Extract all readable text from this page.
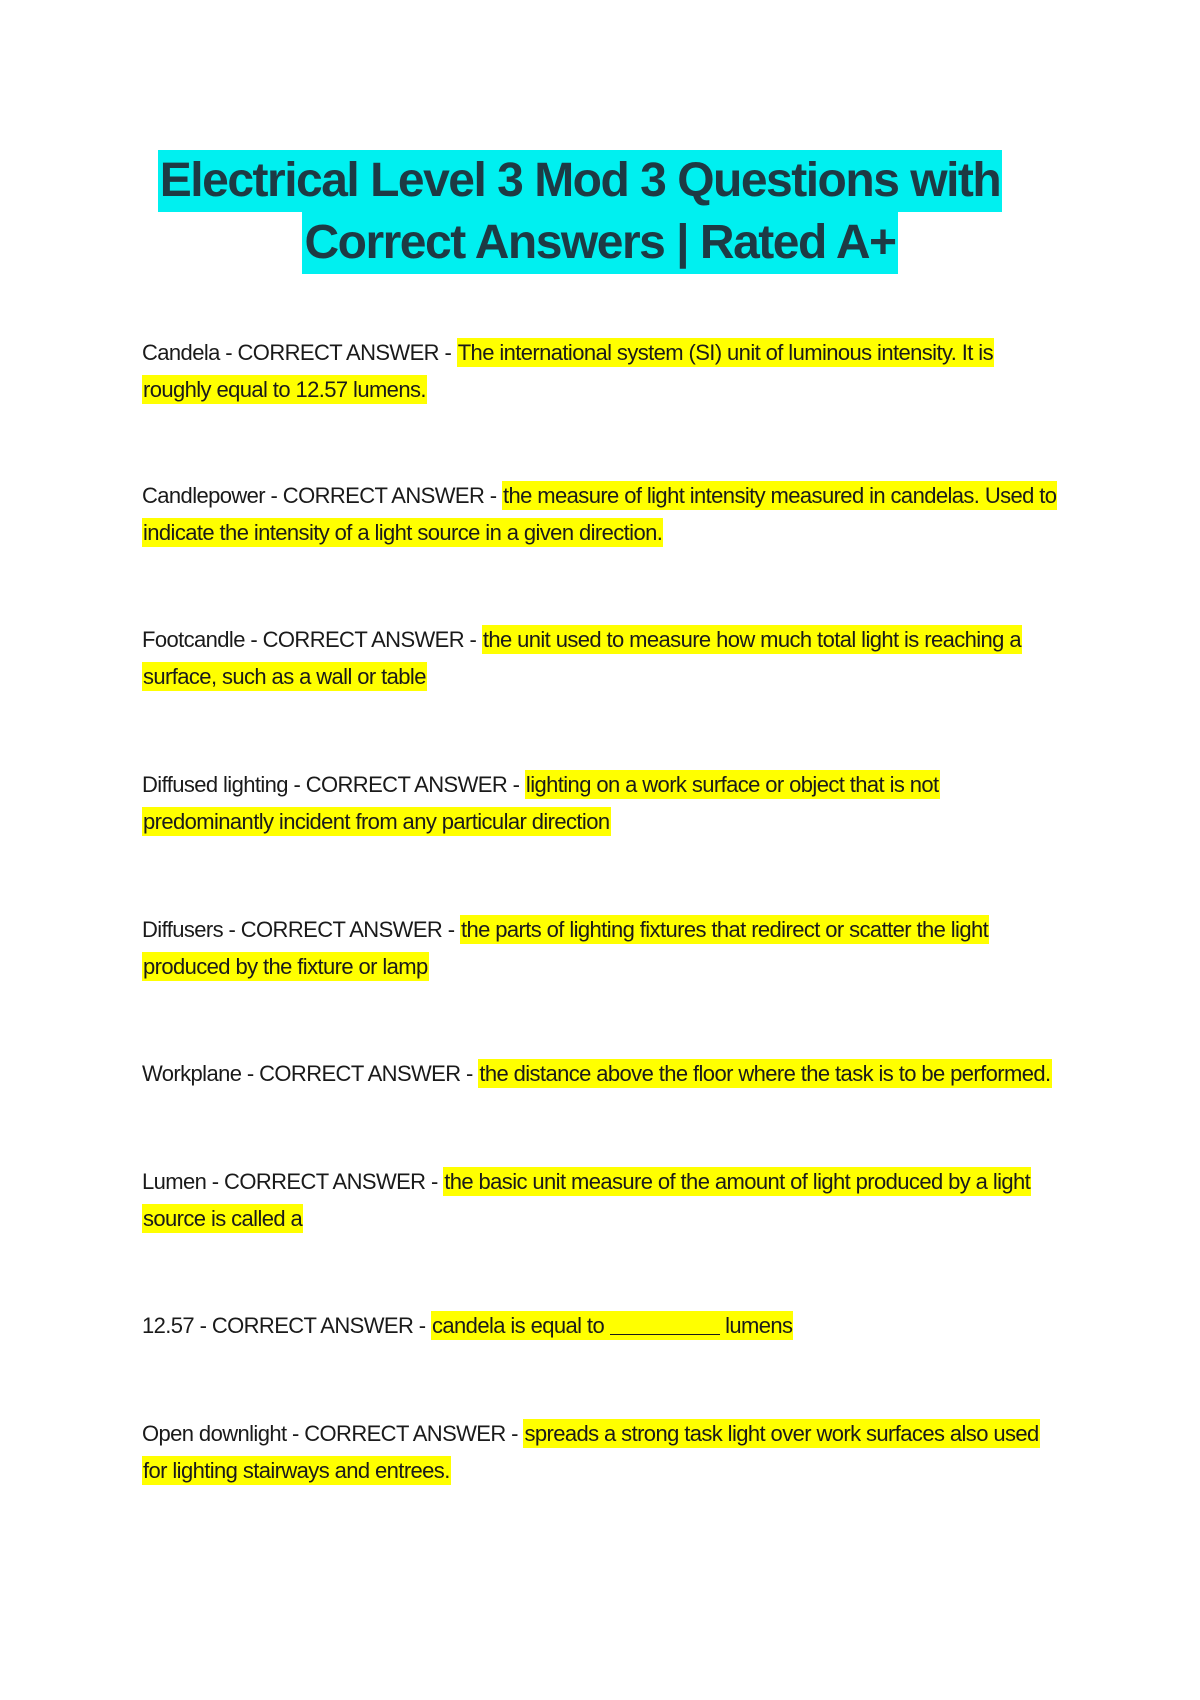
Electrical Level 3 Mod 3 Questions with
Correct Answers | Rated A+
Candela - CORRECT ANSWER - The international system (SI) unit of luminous intensity. It is roughly equal to 12.57 lumens.
Candlepower - CORRECT ANSWER - the measure of light intensity measured in candelas. Used to indicate the intensity of a light source in a given direction.
Footcandle - CORRECT ANSWER - the unit used to measure how much total light is reaching a surface, such as a wall or table
Diffused lighting - CORRECT ANSWER - lighting on a work surface or object that is not predominantly incident from any particular direction
Diffusers - CORRECT ANSWER - the parts of lighting fixtures that redirect or scatter the light produced by the fixture or lamp
Workplane - CORRECT ANSWER - the distance above the floor where the task is to be performed.
Lumen - CORRECT ANSWER - the basic unit measure of the amount of light produced by a light source is called a
12.57 - CORRECT ANSWER - candela is equal to	lumens
Open downlight - CORRECT ANSWER - spreads a strong task light over work surfaces also used for lighting stairways and entrees.
